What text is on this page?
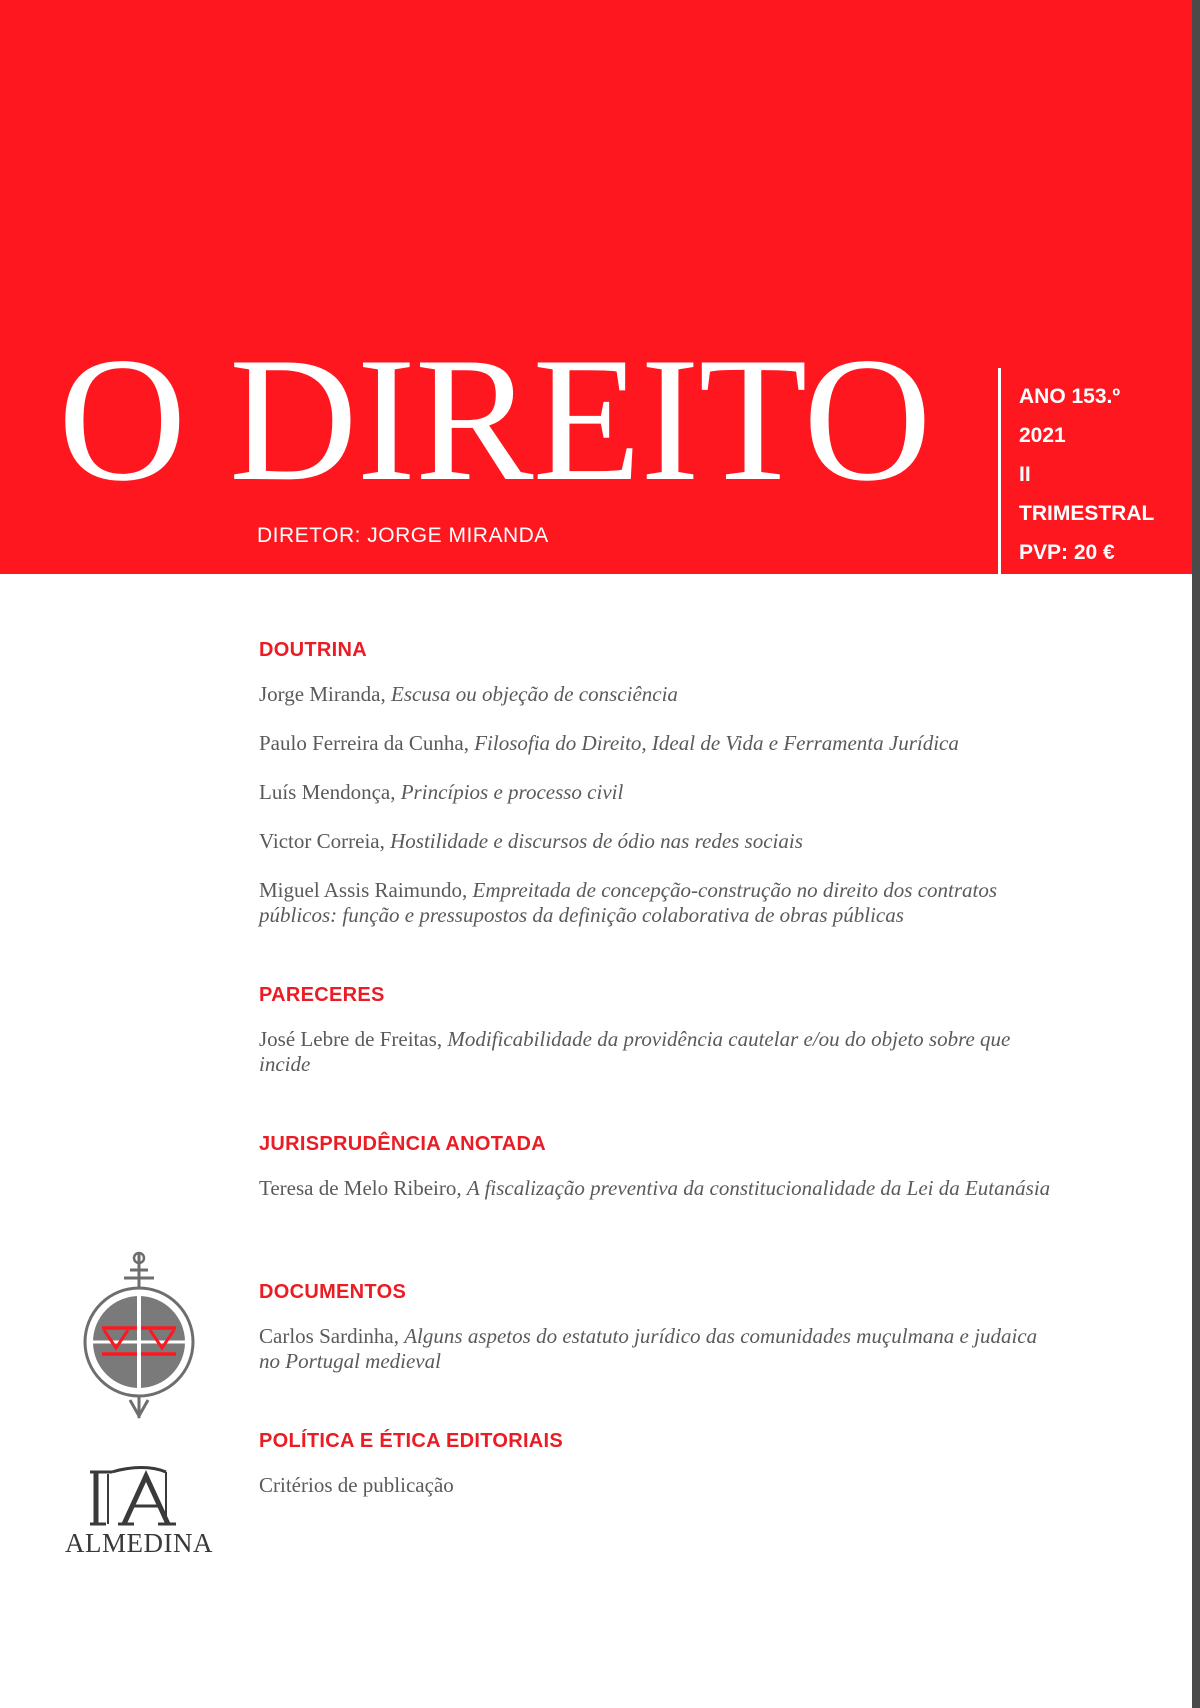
O DIREITO
DIRETOR: JORGE MIRANDA
ANO 153.º
2021
II
TRIMESTRAL
PVP: 20 €
DOUTRINA
Jorge Miranda, Escusa ou objeção de consciência
Paulo Ferreira da Cunha, Filosofia do Direito, Ideal de Vida e Ferramenta Jurídica
Luís Mendonça, Princípios e processo civil
Victor Correia, Hostilidade e discursos de ódio nas redes sociais
Miguel Assis Raimundo, Empreitada de concepção-construção no direito dos contratos públicos: função e pressupostos da definição colaborativa de obras públicas
PARECERES
José Lebre de Freitas, Modificabilidade da providência cautelar e/ou do objeto sobre que incide
JURISPRUDÊNCIA ANOTADA
Teresa de Melo Ribeiro, A fiscalização preventiva da constitucionalidade da Lei da Eutanásia
DOCUMENTOS
Carlos Sardinha, Alguns aspetos do estatuto jurídico das comunidades muçulmana e judaica no Portugal medieval
POLÍTICA E ÉTICA EDITORIAIS
Critérios de publicação
ALMEDINA
